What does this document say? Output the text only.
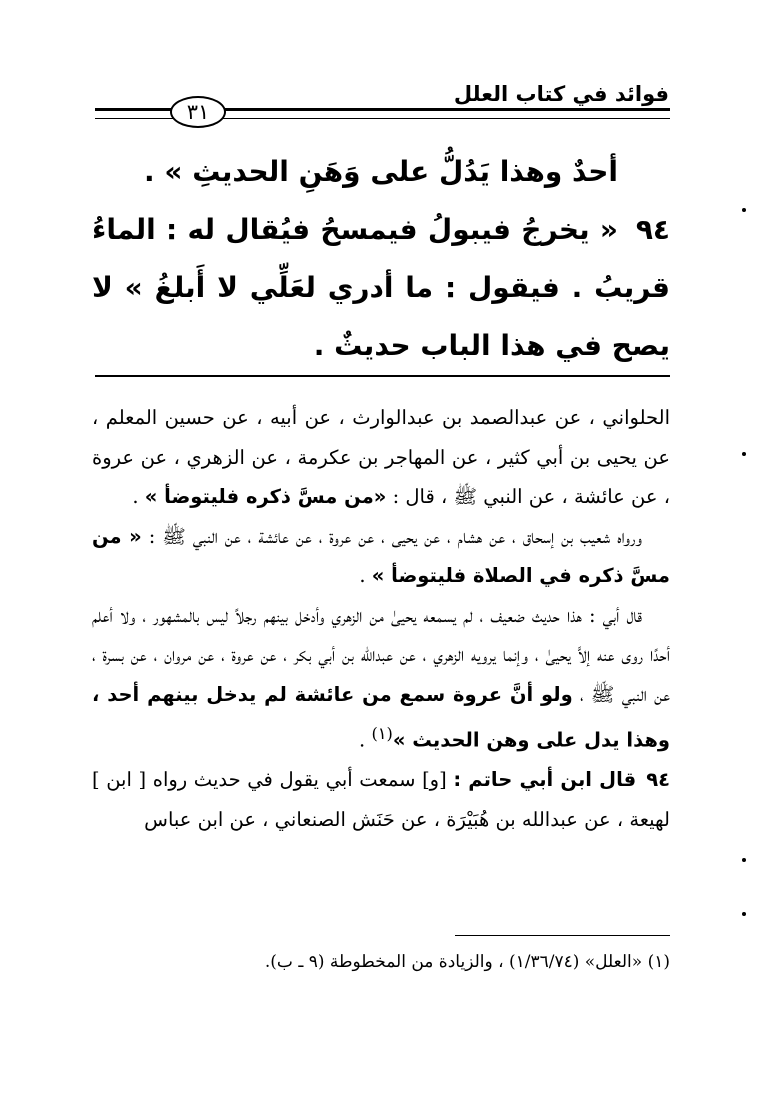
فوائد في كتاب العلل
٣١

أحدٌ وهذا يَدُلُّ على وَهَنِ الحديثِ » .

٩٤
« يخرجُ فيبولُ فيمسحُ فيُقال له : الماءُ قريبُ . فيقول : ما أدري لعَلِّي لا أَبلغُ » لا يصح في هذا الباب حديثٌ .

الحلواني ، عن عبدالصمد بن عبدالوارث ، عن أبيه ، عن حسين المعلم ، عن يحيى بن أبي كثير ، عن المهاجر بن عكرمة ، عن الزهري ، عن عروة ، عن عائشة ، عن النبي ﷺ ، قال : «من مسَّ ذكره فليتوضأ » .

ورواه شعيب بن إسحاق ، عن هشام ، عن يحيى ، عن عروة ، عن عائشة ، عن النبي ﷺ : « من مسَّ ذكره في الصلاة فليتوضأ » .

قال أبي : هذا حديث ضعيف ، لم يسمعه يحيىٰ من الزهري وأدخل بينهم رجلاً ليس بالمشهور ، ولا أعلم أحدًا روى عنه إلاَّ يحيىٰ ، وإنما يرويه الزهري ، عن عبدالله بن أبي بكر ، عن عروة ، عن مروان ، عن بسرة ، عن النبي ﷺ ، ولو أنَّ عروة سمع من عائشة لم يدخل بينهم أحد ، وهذا يدل على وهن الحديث »$^{(١)}$ .

٩٤قال ابن أبي حاتم : [و] سمعت أبي يقول في حديث رواه [ ابن ] لهيعة ، عن عبدالله بن هُبَيْرَة ، عن حَنَش الصنعاني ، عن ابن عباس

(١) «العلل» (١/٣٦/٧٤) ، والزيادة من المخطوطة (٩ ـ ب).
